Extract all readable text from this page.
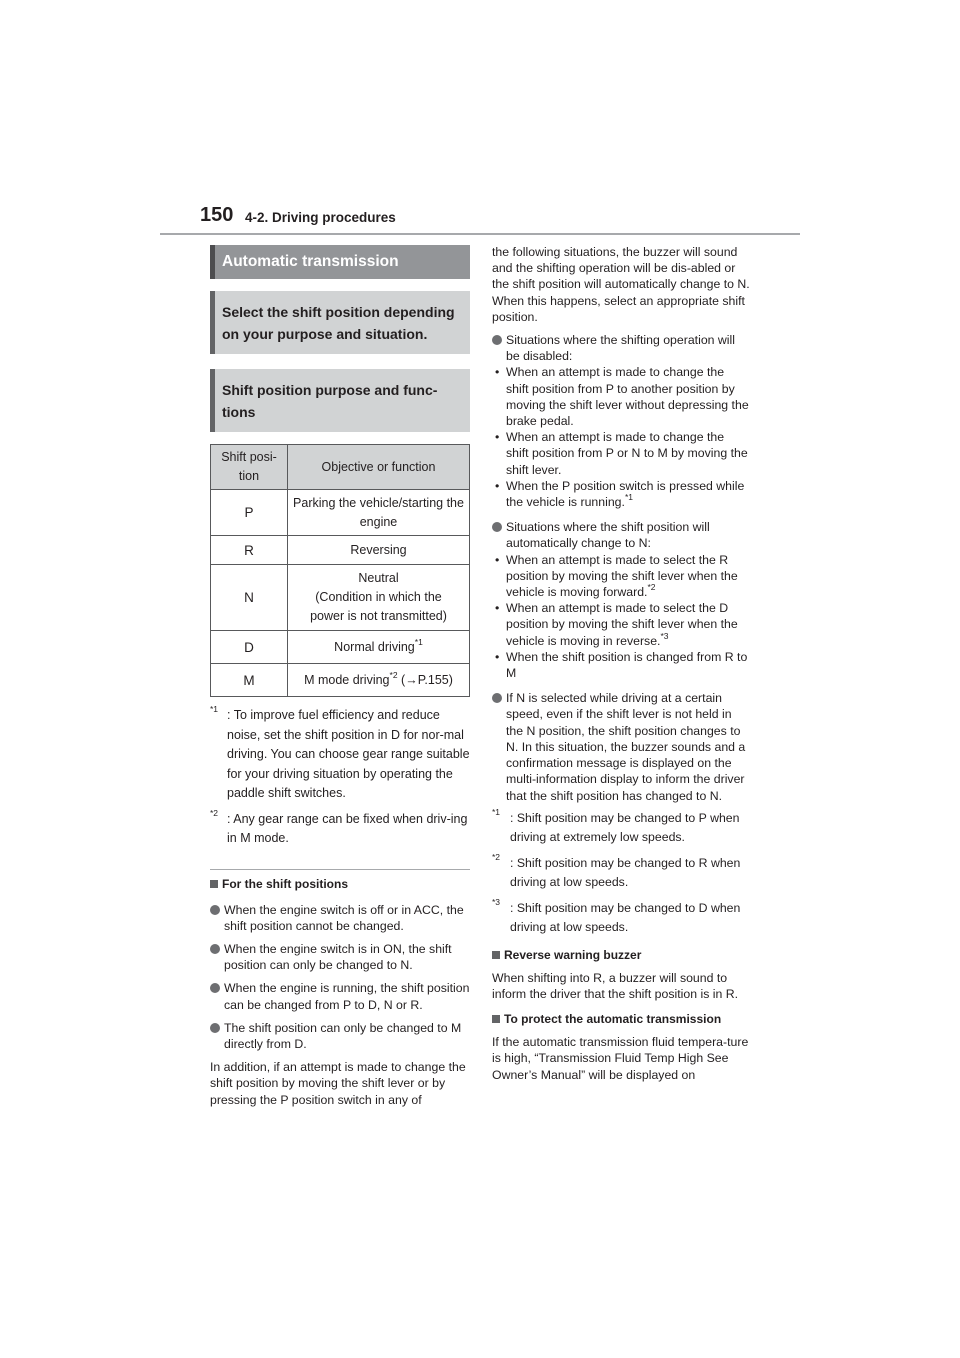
150 4-2. Driving procedures
Automatic transmission
Select the shift position depending on your purpose and situation.
Shift position purpose and func-tions
Shift posi-tion	Objective or function
P	Parking the vehicle/starting the engine
R	Reversing
N	Neutral
(Condition in which the
power is not transmitted)

D	Normal driving$^{*1}$
M	M mode driving$^{*2}$ (→P.155)
*1 : To improve fuel efficiency and reduce noise, set the shift position in D for nor-mal driving. You can choose gear range suitable for your driving situation by operating the paddle shift switches.
*2 : Any gear range can be fixed when driv-ing in M mode.
For the shift positions
When the engine switch is off or in ACC, the shift position cannot be changed.
When the engine switch is in ON, the shift position can only be changed to N.
When the engine is running, the shift position can be changed from P to D, N or R.
The shift position can only be changed to M directly from D.
In addition, if an attempt is made to change the shift position by moving the shift lever or by pressing the P position switch in any of
the following situations, the buzzer will sound and the shifting operation will be dis-abled or the shift position will automatically change to N. When this happens, select an appropriate shift position.
Situations where the shifting operation will be disabled:
• When an attempt is made to change the shift position from P to another position by moving the shift lever without depressing the brake pedal.
• When an attempt is made to change the shift position from P or N to M by moving the shift lever.
• When the P position switch is pressed while the vehicle is running.$^{*1}$
Situations where the shift position will automatically change to N:
• When an attempt is made to select the R position by moving the shift lever when the vehicle is moving forward.$^{*2}$
• When an attempt is made to select the D position by moving the shift lever when the vehicle is moving in reverse.$^{*3}$
• When the shift position is changed from R to M
If N is selected while driving at a certain speed, even if the shift lever is not held in the N position, the shift position changes to N. In this situation, the buzzer sounds and a confirmation message is displayed on the multi-information display to inform the driver that the shift position has changed to N.
*1 : Shift position may be changed to P when driving at extremely low speeds.
*2 : Shift position may be changed to R when driving at low speeds.
*3 : Shift position may be changed to D when driving at low speeds.
Reverse warning buzzer
When shifting into R, a buzzer will sound to inform the driver that the shift position is in R.
To protect the automatic transmission
If the automatic transmission fluid tempera-ture is high, “Transmission Fluid Temp High See Owner’s Manual” will be displayed on
